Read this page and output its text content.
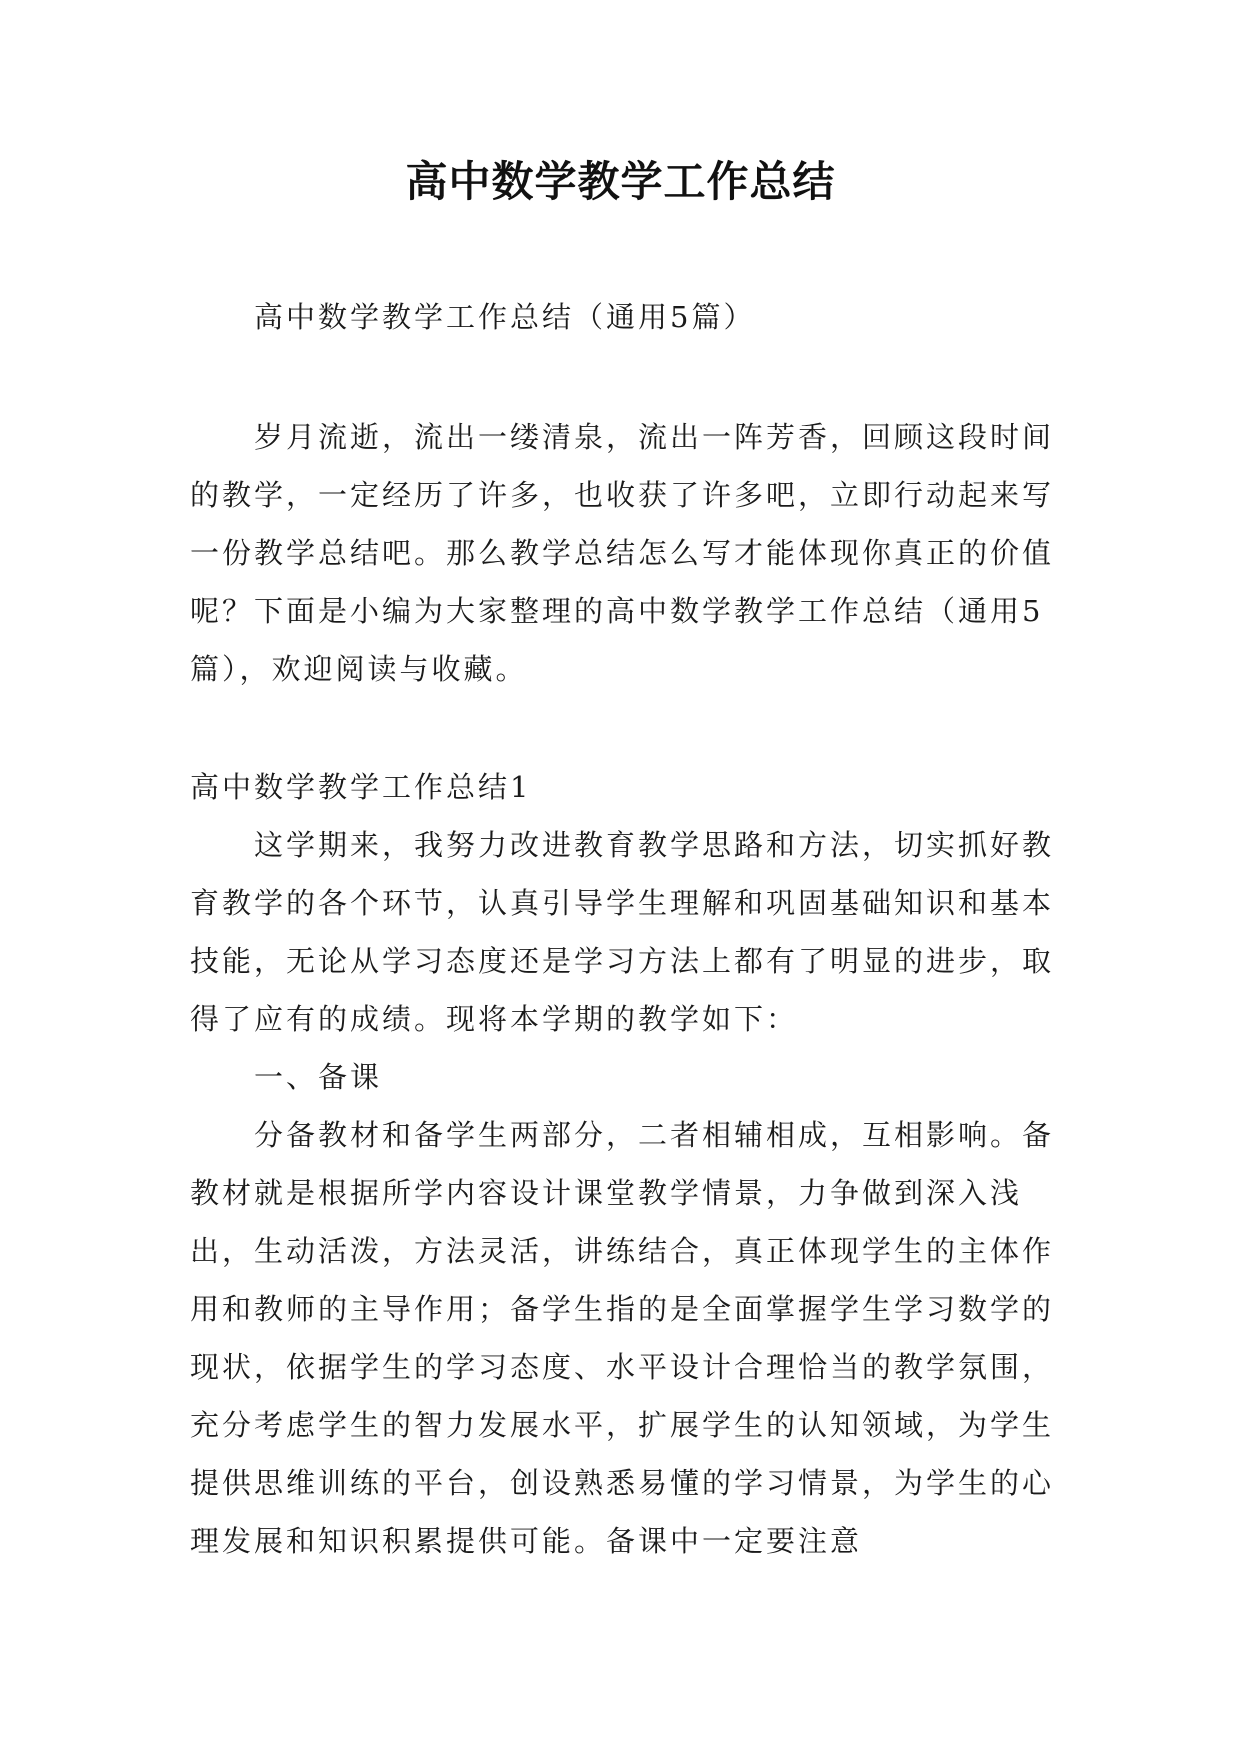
高中数学教学工作总结

高中数学教学工作总结（通用5篇）

岁月流逝，流出一缕清泉，流出一阵芳香，回顾这段时间的教学，一定经历了许多，也收获了许多吧，立即行动起来写一份教学总结吧。那么教学总结怎么写才能体现你真正的价值呢？下面是小编为大家整理的高中数学教学工作总结（通用5篇），欢迎阅读与收藏。

高中数学教学工作总结1

这学期来，我努力改进教育教学思路和方法，切实抓好教育教学的各个环节，认真引导学生理解和巩固基础知识和基本技能，无论从学习态度还是学习方法上都有了明显的进步，取得了应有的成绩。现将本学期的教学如下：

一、备课

分备教材和备学生两部分，二者相辅相成，互相影响。备教材就是根据所学内容设计课堂教学情景，力争做到深入浅出，生动活泼，方法灵活，讲练结合，真正体现学生的主体作用和教师的主导作用；备学生指的是全面掌握学生学习数学的现状，依据学生的学习态度、水平设计合理恰当的教学氛围，充分考虑学生的智力发展水平，扩展学生的认知领域，为学生提供思维训练的平台，创设熟悉易懂的学习情景，为学生的心理发展和知识积累提供可能。备课中一定要注意
